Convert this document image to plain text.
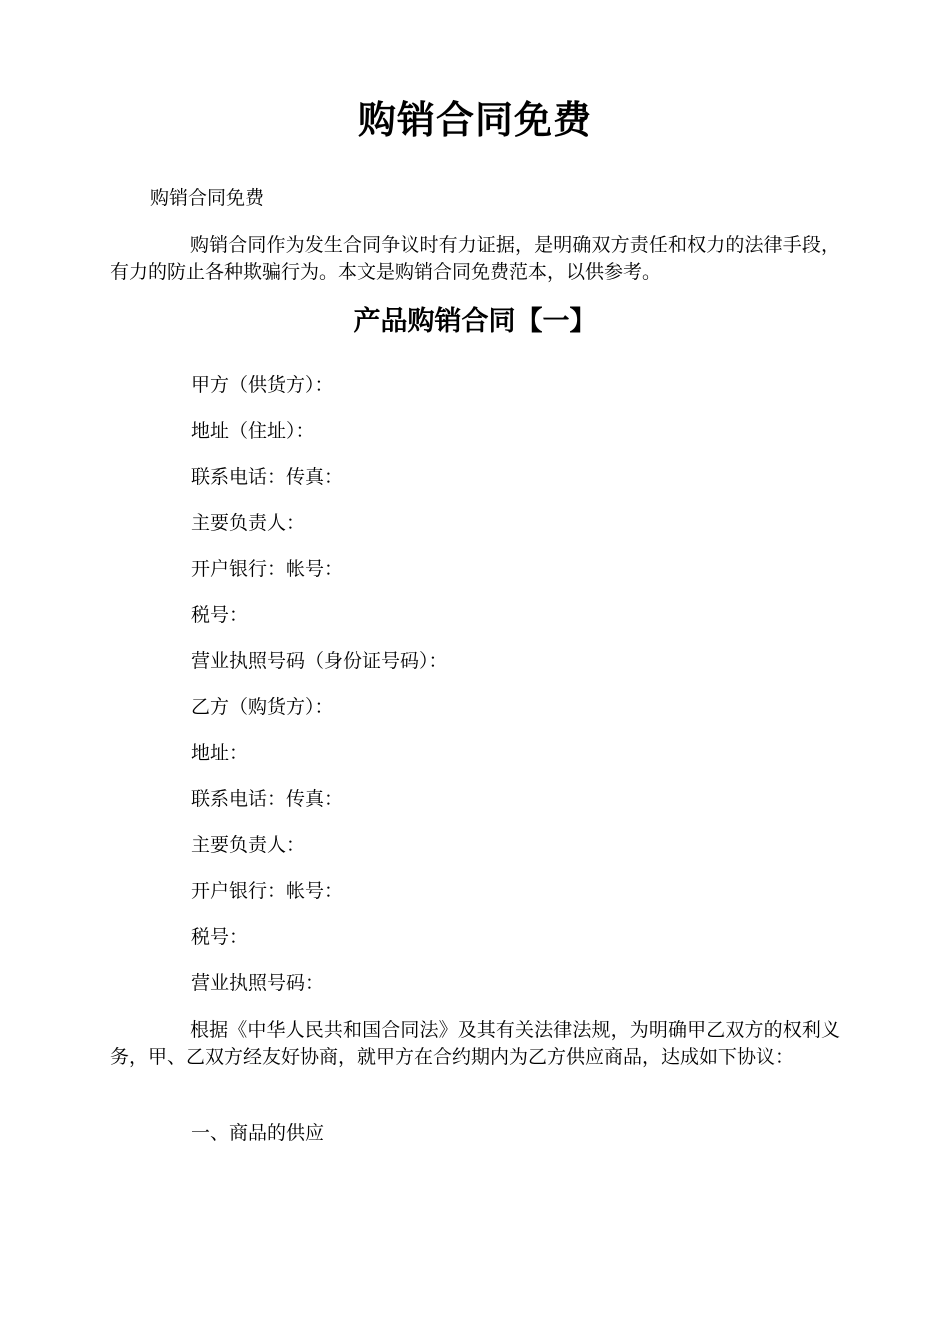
购销合同免费
购销合同免费
购销合同作为发生合同争议时有力证据，是明确双方责任和权力的法律手段，有力的防止各种欺骗行为。本文是购销合同免费范本，以供参考。
产品购销合同【一】
甲方（供货方）：
地址（住址）：
联系电话：传真：
主要负责人：
开户银行：帐号：
税号：
营业执照号码（身份证号码）：
乙方（购货方）：
地址：
联系电话：传真：
主要负责人：
开户银行：帐号：
税号：
营业执照号码：
根据《中华人民共和国合同法》及其有关法律法规，为明确甲乙双方的权利义务，甲、乙双方经友好协商，就甲方在合约期内为乙方供应商品，达成如下协议：
一、商品的供应
